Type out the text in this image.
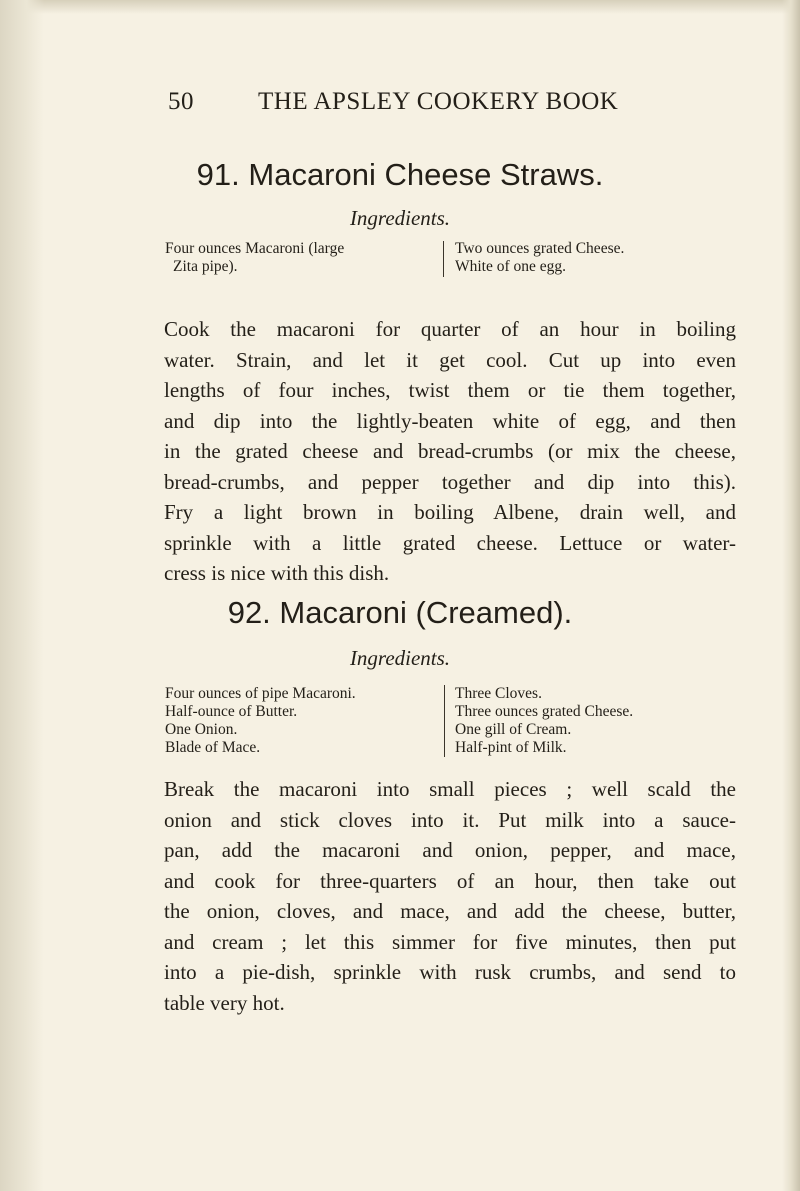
50	THE APSLEY COOKERY BOOK
91. Macaroni Cheese Straws.
Ingredients.
Four ounces Macaroni (large
Zita pipe).
Two ounces grated Cheese.
White of one egg.
Cook the macaroni for quarter of an hour in boiling
water. Strain, and let it get cool. Cut up into even
lengths of four inches, twist them or tie them together,
and dip into the lightly-beaten white of egg, and then
in the grated cheese and bread-crumbs (or mix the cheese,
bread-crumbs, and pepper together and dip into this).
Fry a light brown in boiling Albene, drain well, and
sprinkle with a little grated cheese. Lettuce or water-
cress is nice with this dish.
92. Macaroni (Creamed).
Ingredients.
Four ounces of pipe Macaroni.
Half-ounce of Butter.
One Onion.
Blade of Mace.
Three Cloves.
Three ounces grated Cheese.
One gill of Cream.
Half-pint of Milk.
Break the macaroni into small pieces ; well scald the
onion and stick cloves into it. Put milk into a sauce-
pan, add the macaroni and onion, pepper, and mace,
and cook for three-quarters of an hour, then take out
the onion, cloves, and mace, and add the cheese, butter,
and cream ; let this simmer for five minutes, then put
into a pie-dish, sprinkle with rusk crumbs, and send to
table very hot.
